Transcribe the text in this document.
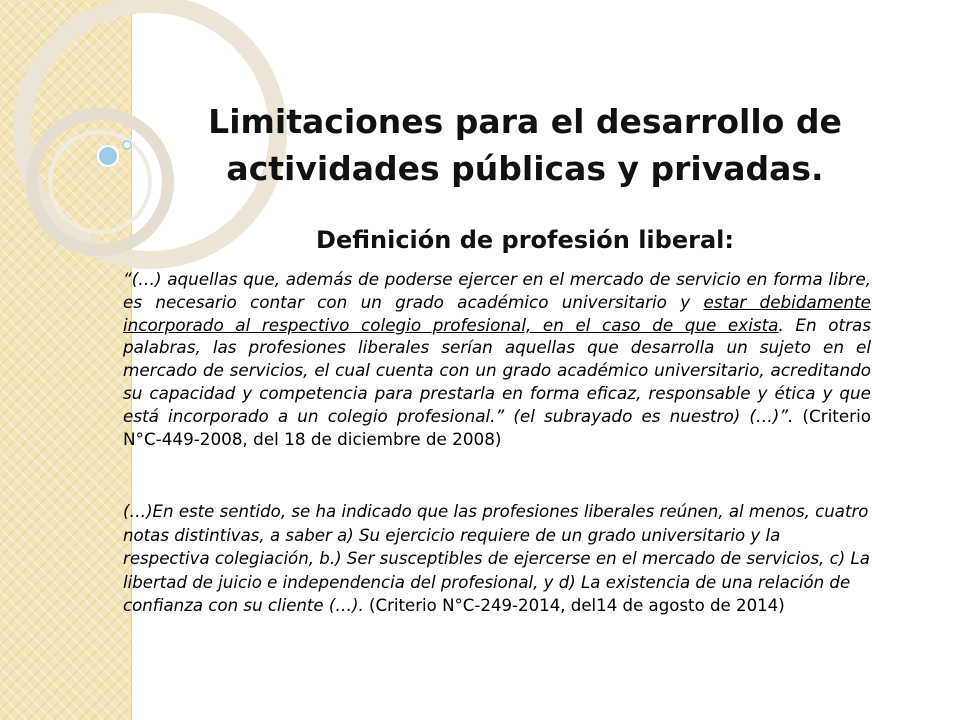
Limitaciones para el desarrollo de actividades públicas y privadas.
Definición de profesión liberal:
“(…) aquellas que, además de poderse ejercer en el mercado de servicio en forma libre, es necesario contar con un grado académico universitario y estar debidamente incorporado al respectivo colegio profesional, en el caso de que exista. En otras palabras, las profesiones liberales serían aquellas que desarrolla un sujeto en el mercado de servicios, el cual cuenta con un grado académico universitario, acreditando su capacidad y competencia para prestarla en forma eficaz, responsable y ética y que está incorporado a un colegio profesional.” (el subrayado es nuestro) (…)”. (Criterio N°C-449-2008, del 18 de diciembre de 2008)
(…)En este sentido, se ha indicado que las profesiones liberales reúnen, al menos, cuatro notas distintivas, a saber a) Su ejercicio requiere de un grado universitario y la respectiva colegiación, b.) Ser susceptibles de ejercerse en el mercado de servicios, c) La libertad de juicio e independencia del profesional, y d) La existencia de una relación de confianza con su cliente (…). (Criterio N°C-249-2014, del14 de agosto de 2014)
